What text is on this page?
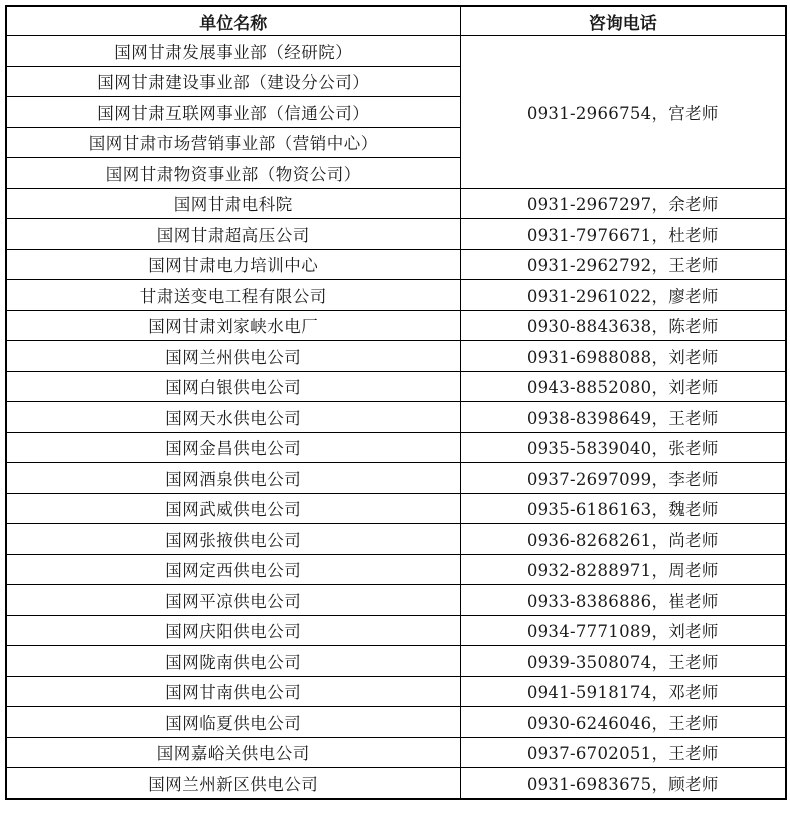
单位名称	咨询电话
国网甘肃发展事业部（经研院）	0931-2966754，宫老师
国网甘肃建设事业部（建设分公司）	
国网甘肃互联网事业部（信通公司）	
国网甘肃市场营销事业部（营销中心）	
国网甘肃物资事业部（物资公司）	
国网甘肃电科院	0931-2967297，余老师
国网甘肃超高压公司	0931-7976671，杜老师
国网甘肃电力培训中心	0931-2962792，王老师
甘肃送变电工程有限公司	0931-2961022，廖老师
国网甘肃刘家峡水电厂	0930-8843638，陈老师
国网兰州供电公司	0931-6988088，刘老师
国网白银供电公司	0943-8852080，刘老师
国网天水供电公司	0938-8398649，王老师
国网金昌供电公司	0935-5839040，张老师
国网酒泉供电公司	0937-2697099，李老师
国网武威供电公司	0935-6186163，魏老师
国网张掖供电公司	0936-8268261，尚老师
国网定西供电公司	0932-8288971，周老师
国网平凉供电公司	0933-8386886，崔老师
国网庆阳供电公司	0934-7771089，刘老师
国网陇南供电公司	0939-3508074，王老师
国网甘南供电公司	0941-5918174，邓老师
国网临夏供电公司	0930-6246046，王老师
国网嘉峪关供电公司	0937-6702051，王老师
国网兰州新区供电公司	0931-6983675，顾老师
